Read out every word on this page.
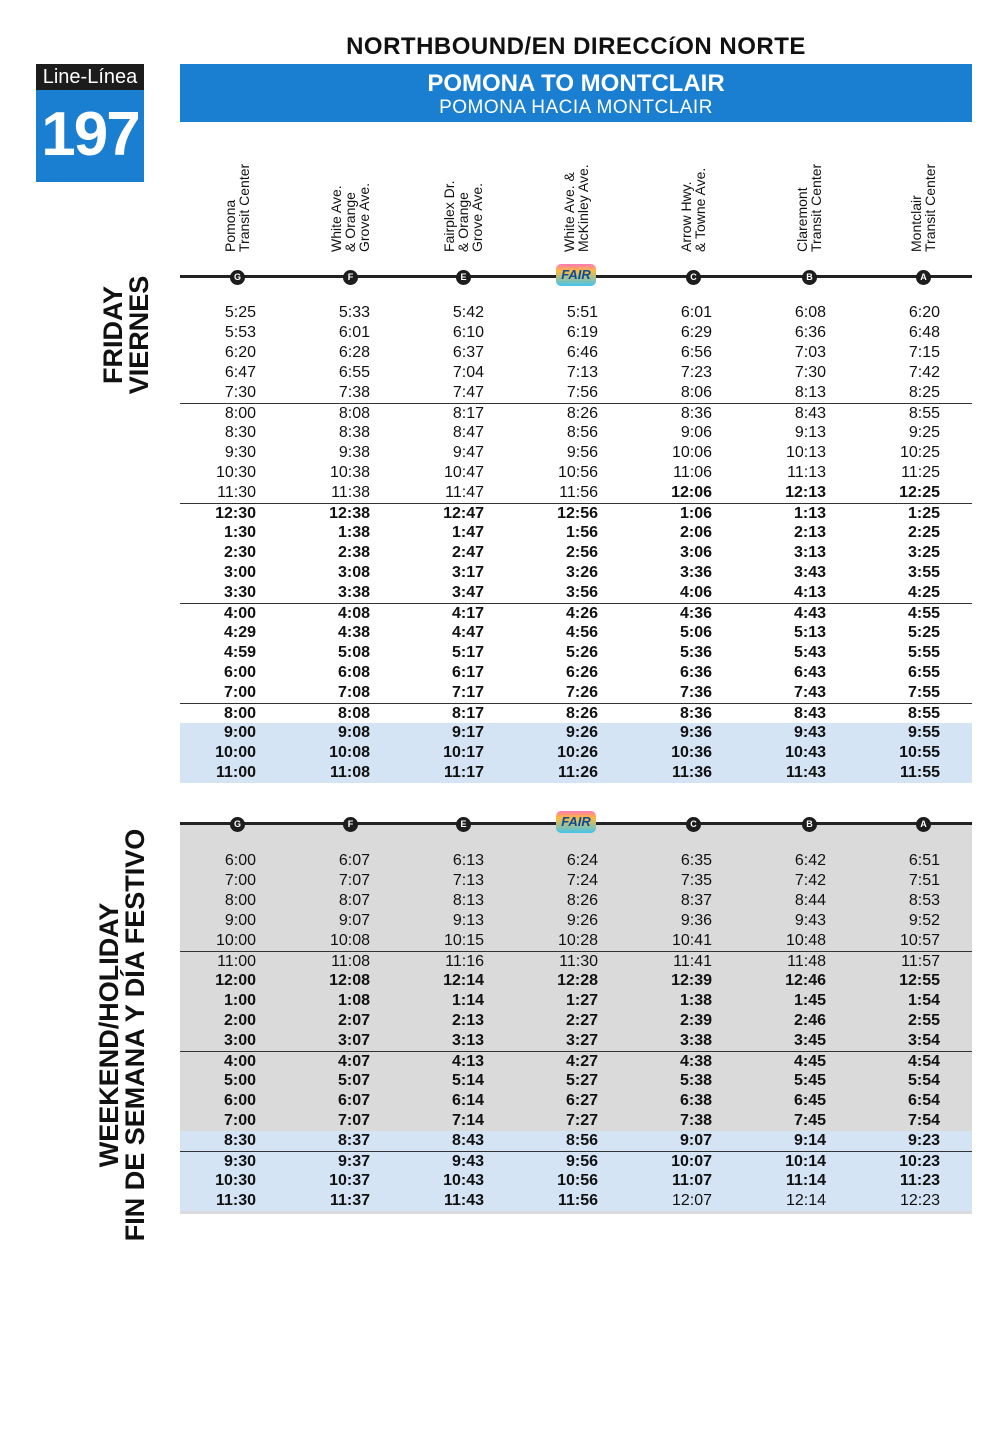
Line-Línea
197
NORTHBOUND/EN DIRECCíON NORTE
POMONA TO MONTCLAIR
POMONA HACIA MONTCLAIR
Pomona
Transit Center
White Ave.
& Orange
Grove Ave.
Fairplex Dr.
& Orange
Grove Ave.
White Ave. &
McKinley Ave.
Arrow Hwy.
& Towne Ave.
Claremont
Transit Center
Montclair
Transit Center
FRIDAY
VIERNES
WEEKEND/HOLIDAY
FIN DE SEMANA Y DÍA FESTIVO
G	F	E	FAIR	C	B	A
5:25	5:33	5:42	5:51	6:01	6:08	6:20
5:53	6:01	6:10	6:19	6:29	6:36	6:48
6:20	6:28	6:37	6:46	6:56	7:03	7:15
6:47	6:55	7:04	7:13	7:23	7:30	7:42
7:30	7:38	7:47	7:56	8:06	8:13	8:25
8:00	8:08	8:17	8:26	8:36	8:43	8:55
8:30	8:38	8:47	8:56	9:06	9:13	9:25
9:30	9:38	9:47	9:56	10:06	10:13	10:25
10:30	10:38	10:47	10:56	11:06	11:13	11:25
11:30	11:38	11:47	11:56	12:06	12:13	12:25
12:30	12:38	12:47	12:56	1:06	1:13	1:25
1:30	1:38	1:47	1:56	2:06	2:13	2:25
2:30	2:38	2:47	2:56	3:06	3:13	3:25
3:00	3:08	3:17	3:26	3:36	3:43	3:55
3:30	3:38	3:47	3:56	4:06	4:13	4:25
4:00	4:08	4:17	4:26	4:36	4:43	4:55
4:29	4:38	4:47	4:56	5:06	5:13	5:25
4:59	5:08	5:17	5:26	5:36	5:43	5:55
6:00	6:08	6:17	6:26	6:36	6:43	6:55
7:00	7:08	7:17	7:26	7:36	7:43	7:55
8:00	8:08	8:17	8:26	8:36	8:43	8:55
9:00	9:08	9:17	9:26	9:36	9:43	9:55
10:00	10:08	10:17	10:26	10:36	10:43	10:55
11:00	11:08	11:17	11:26	11:36	11:43	11:55
G	F	E	FAIR	C	B	A
6:00	6:07	6:13	6:24	6:35	6:42	6:51
7:00	7:07	7:13	7:24	7:35	7:42	7:51
8:00	8:07	8:13	8:26	8:37	8:44	8:53
9:00	9:07	9:13	9:26	9:36	9:43	9:52
10:00	10:08	10:15	10:28	10:41	10:48	10:57
11:00	11:08	11:16	11:30	11:41	11:48	11:57
12:00	12:08	12:14	12:28	12:39	12:46	12:55
1:00	1:08	1:14	1:27	1:38	1:45	1:54
2:00	2:07	2:13	2:27	2:39	2:46	2:55
3:00	3:07	3:13	3:27	3:38	3:45	3:54
4:00	4:07	4:13	4:27	4:38	4:45	4:54
5:00	5:07	5:14	5:27	5:38	5:45	5:54
6:00	6:07	6:14	6:27	6:38	6:45	6:54
7:00	7:07	7:14	7:27	7:38	7:45	7:54
8:30	8:37	8:43	8:56	9:07	9:14	9:23
9:30	9:37	9:43	9:56	10:07	10:14	10:23
10:30	10:37	10:43	10:56	11:07	11:14	11:23
11:30	11:37	11:43	11:56	12:07	12:14	12:23
